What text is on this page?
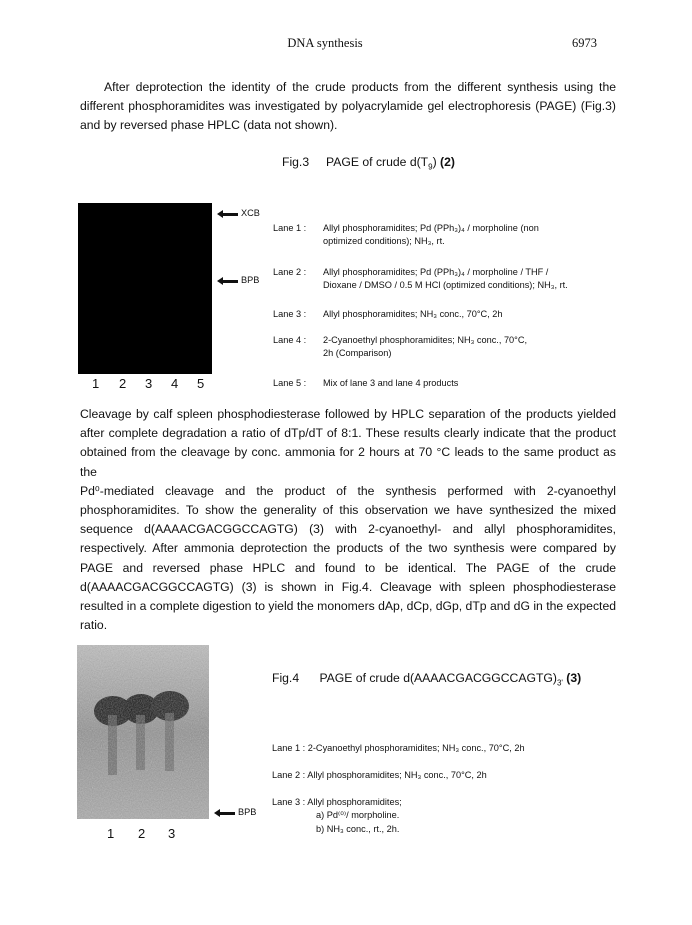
DNA synthesis	6973

After deprotection the identity of the crude products from the different synthesis using the different phosphoramidites was investigated by polyacrylamide gel electrophoresis (PAGE) (Fig.3) and by reversed phase HPLC (data not shown).

Fig.3 PAGE of crude $d(T_9)$ (2)
XCB
BPB
1 2 3 4 5
Lane 1 : Allyl phosphoramidites; Pd (PPh₃)₄ / morpholine (non

optimized conditions); NH₃, rt.
Lane 2 : Allyl phosphoramidites; Pd (PPh₃)₄ / morpholine / THF /

Dioxane / DMSO / 0.5 M HCl (optimized conditions); NH₃, rt.
Lane 3 : Allyl phosphoramidites; NH₃ conc., 70°C, 2h
Lane 4 : 2-Cyanoethyl phosphoramidites; NH₃ conc., 70°C,

2h (Comparison)
Lane 5 : Mix of lane 3 and lane 4 products
Cleavage by calf spleen phosphodiesterase followed by HPLC separation of the products yielded
after complete degradation a ratio of dTp/dT of 8:1. These results clearly indicate that the product
obtained from the cleavage by conc. ammonia for 2 hours at 70 °C leads to the same product as the
Pd⁰-mediated cleavage and the product of the synthesis performed with 2-cyanoethyl
phosphoramidites. To show the generality of this observation we have synthesized the mixed
sequence d(AAAACGACGGCCAGTG) (3) with 2-cyanoethyl- and allyl phosphoramidites,
respectively. After ammonia deprotection the products of the two synthesis were compared by
PAGE and reversed phase HPLC and found to be identical. The PAGE of the crude
d(AAAACGACGGCCAGTG) (3) is shown in Fig.4. Cleavage with spleen phosphodiesterase
resulted in a complete digestion to yield the monomers dAp, dCp, dGp, dTp and dG in the expected
ratio.
BPB
1 2 3
Fig.4 PAGE of crude $d(AAAACGACGGCCAGTG)_{3'}$ (3)
Lane 1 : 2-Cyanoethyl phosphoramidites; NH₃ conc., 70°C, 2h
Lane 2 : Allyl phosphoramidites; NH₃ conc., 70°C, 2h
Lane 3 : Allyl phosphoramidites;
a) Pd⁽⁰⁾/ morpholine.
b) NH₃ conc., rt., 2h.
